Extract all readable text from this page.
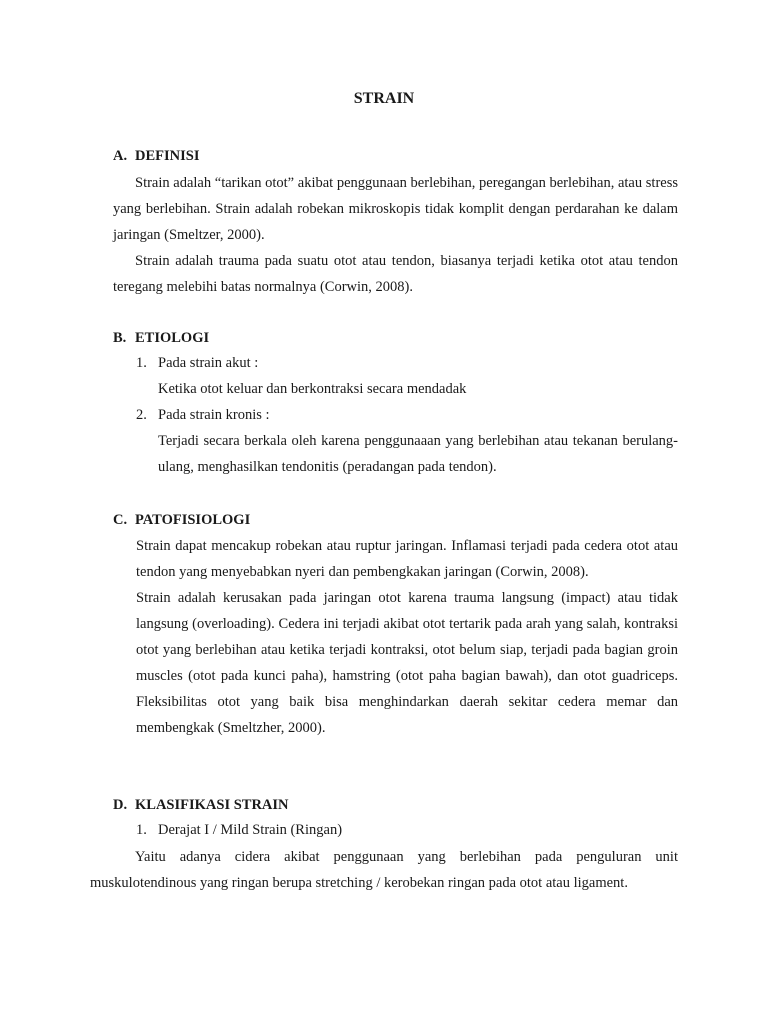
STRAIN
A. DEFINISI

Strain adalah “tarikan otot” akibat penggunaan berlebihan, peregangan berlebihan, atau stress yang berlebihan. Strain adalah robekan mikroskopis tidak komplit dengan perdarahan ke dalam jaringan (Smeltzer, 2000).

Strain adalah trauma pada suatu otot atau tendon, biasanya terjadi ketika otot atau tendon teregang melebihi batas normalnya (Corwin, 2008).

B. ETIOLOGI
1. Pada strain akut :

Ketika otot keluar dan berkontraksi secara mendadak

2. Pada strain kronis :

Terjadi secara berkala oleh karena penggunaaan yang berlebihan atau tekanan berulang-ulang, menghasilkan tendonitis (peradangan pada tendon).

C. PATOFISIOLOGI

Strain dapat mencakup robekan atau ruptur jaringan. Inflamasi terjadi pada cedera otot atau tendon yang menyebabkan nyeri dan pembengkakan jaringan (Corwin, 2008).

Strain adalah kerusakan pada jaringan otot karena trauma langsung (impact) atau tidak langsung (overloading). Cedera ini terjadi akibat otot tertarik pada arah yang salah, kontraksi otot yang berlebihan atau ketika terjadi kontraksi, otot belum siap, terjadi pada bagian groin muscles (otot pada kunci paha), hamstring (otot paha bagian bawah), dan otot guadriceps. Fleksibilitas otot yang baik bisa menghindarkan daerah sekitar cedera memar dan membengkak (Smeltzher, 2000).

D. KLASIFIKASI STRAIN
1. Derajat I / Mild Strain (Ringan)

Yaitu adanya cidera akibat penggunaan yang berlebihan pada penguluran unit muskulotendinous yang ringan berupa stretching / kerobekan ringan pada otot atau ligament.
